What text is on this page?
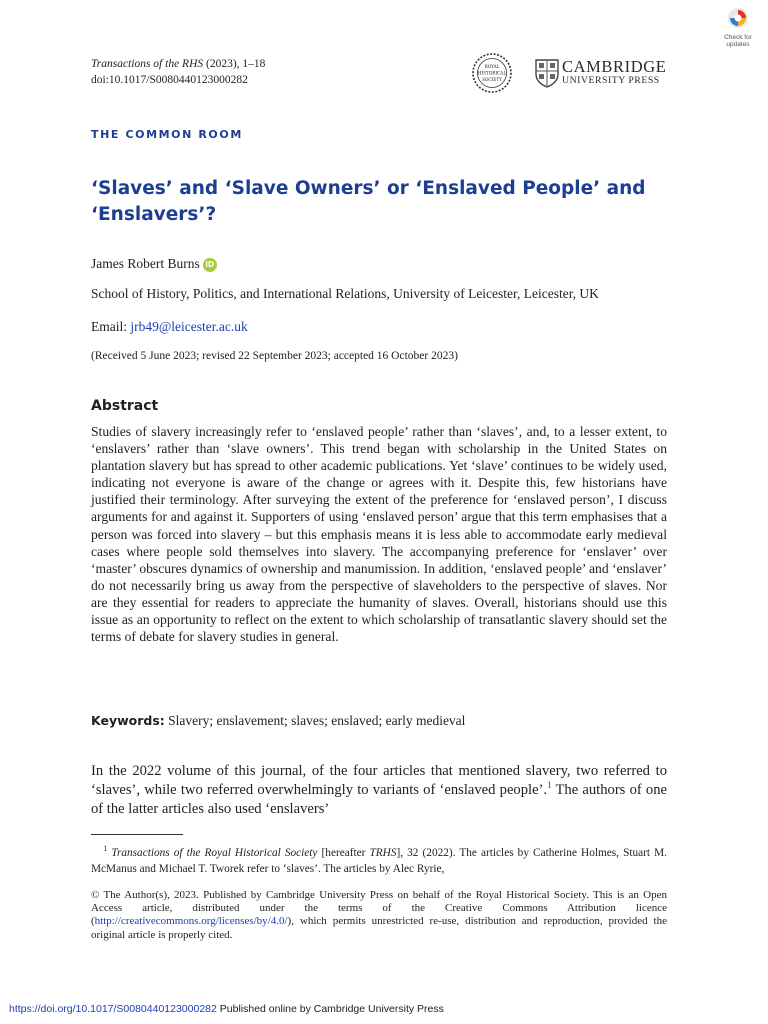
Transactions of the RHS (2023), 1–18
doi:10.1017/S0080440123000282
ROYAL
HISTORICAL
SOCIETY
CAMBRIDGE
UNIVERSITY PRESS
Check for updates
THE COMMON ROOM
‘Slaves’ and ‘Slave Owners’ or ‘Enslaved People’ and ‘Enslavers’?
James Robert Burns iD
School of History, Politics, and International Relations, University of Leicester, Leicester, UK
Email: jrb49@leicester.ac.uk
(Received 5 June 2023; revised 22 September 2023; accepted 16 October 2023)
Abstract
Studies of slavery increasingly refer to ‘enslaved people’ rather than ‘slaves’, and, to a lesser extent, to ‘enslavers’ rather than ‘slave owners’. This trend began with scholarship in the United States on plantation slavery but has spread to other academic publications. Yet ‘slave’ continues to be widely used, indicating not everyone is aware of the change or agrees with it. Despite this, few historians have justified their terminology. After surveying the extent of the preference for ‘enslaved person’, I discuss arguments for and against it. Supporters of using ‘enslaved person’ argue that this term emphasises that a person was forced into slavery – but this emphasis means it is less able to accommodate early medieval cases where people sold themselves into slavery. The accompanying preference for ‘enslaver’ over ‘master’ obscures dynamics of ownership and manumission. In addition, ‘enslaved people’ and ‘enslaver’ do not necessarily bring us away from the perspective of slaveholders to the perspective of slaves. Nor are they essential for readers to appreciate the humanity of slaves. Overall, historians should use this issue as an opportunity to reflect on the extent to which scholarship of transatlantic slavery should set the terms of debate for slavery studies in general.
Keywords: Slavery; enslavement; slaves; enslaved; early medieval
In the 2022 volume of this journal, of the four articles that mentioned slavery, two referred to ‘slaves’, while two referred overwhelmingly to variants of ‘enslaved people’.$^1$ The authors of one of the latter articles also used ‘enslavers’
$^1$ Transactions of the Royal Historical Society [hereafter TRHS], 32 (2022). The articles by Catherine Holmes, Stuart M. McManus and Michael T. Tworek refer to ‘slaves’. The articles by Alec Ryrie,
© The Author(s), 2023. Published by Cambridge University Press on behalf of the Royal Historical Society. This is an Open Access article, distributed under the terms of the Creative Commons Attribution licence (http://creativecommons.org/licenses/by/4.0/), which permits unrestricted re-use, distribution and reproduction, provided the original article is properly cited.
https://doi.org/10.1017/S0080440123000282 Published online by Cambridge University Press
